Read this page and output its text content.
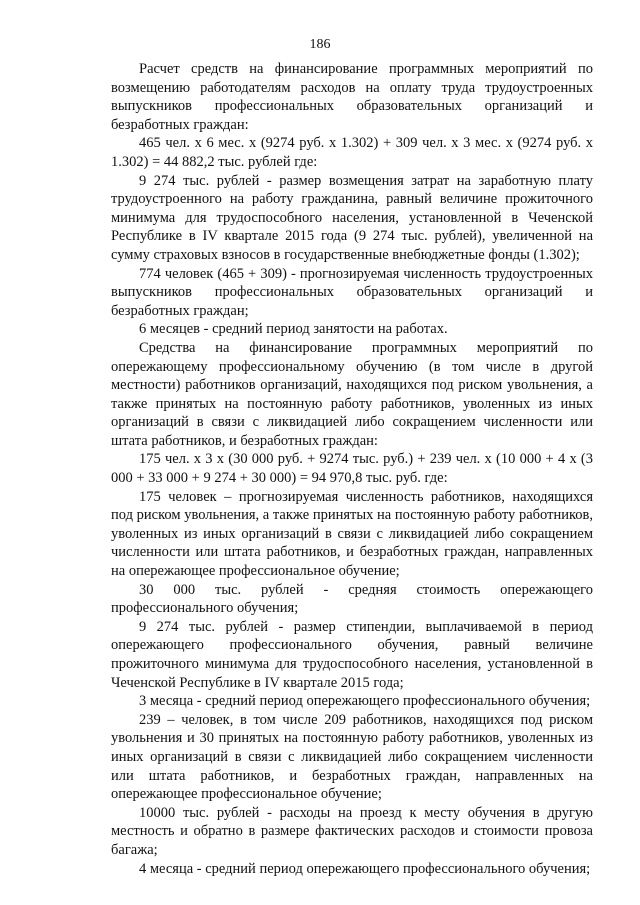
186

Расчет средств на финансирование программных мероприятий по возмещению работодателям расходов на оплату труда трудоустроенных выпускников профессиональных образовательных организаций и безработных граждан:

465 чел. х 6 мес. х (9274 руб. х 1.302) + 309 чел. х 3 мес. х (9274 руб. х 1.302) = 44 882,2 тыс. рублей где:

9 274 тыс. рублей - размер возмещения затрат на заработную плату трудоустроенного на работу гражданина, равный величине прожиточного минимума для трудоспособного населения, установленной в Чеченской Республике в IV квартале 2015 года (9 274 тыс. рублей), увеличенной на сумму страховых взносов в государственные внебюджетные фонды (1.302);

774 человек (465 + 309) - прогнозируемая численность трудоустроенных выпускников профессиональных образовательных организаций и безработных граждан;

6 месяцев - средний период занятости на работах.

Средства на финансирование программных мероприятий по опережающему профессиональному обучению (в том числе в другой местности) работников организаций, находящихся под риском увольнения, а также принятых на постоянную работу работников, уволенных из иных организаций в связи с ликвидацией либо сокращением численности или штата работников, и безработных граждан:

175 чел. х 3 х (30 000 руб. + 9274 тыс. руб.) + 239 чел. х (10 000 + 4 х (3 000 + 33 000 + 9 274 + 30 000) = 94 970,8 тыс. руб. где:

175 человек – прогнозируемая численность работников, находящихся под риском увольнения, а также принятых на постоянную работу работников, уволенных из иных организаций в связи с ликвидацией либо сокращением численности или штата работников, и безработных граждан, направленных на опережающее профессиональное обучение;

30 000 тыс. рублей - средняя стоимость опережающего профессионального обучения;

9 274 тыс. рублей - размер стипендии, выплачиваемой в период опережающего профессионального обучения, равный величине прожиточного минимума для трудоспособного населения, установленной в Чеченской Республике в IV квартале 2015 года;

3 месяца - средний период опережающего профессионального обучения;

239 – человек, в том числе 209 работников, находящихся под риском увольнения и 30 принятых на постоянную работу работников, уволенных из иных организаций в связи с ликвидацией либо сокращением численности или штата работников, и безработных граждан, направленных на опережающее профессиональное обучение;

10000 тыс. рублей - расходы на проезд к месту обучения в другую местность и обратно в размере фактических расходов и стоимости провоза багажа;

4 месяца - средний период опережающего профессионального обучения;
